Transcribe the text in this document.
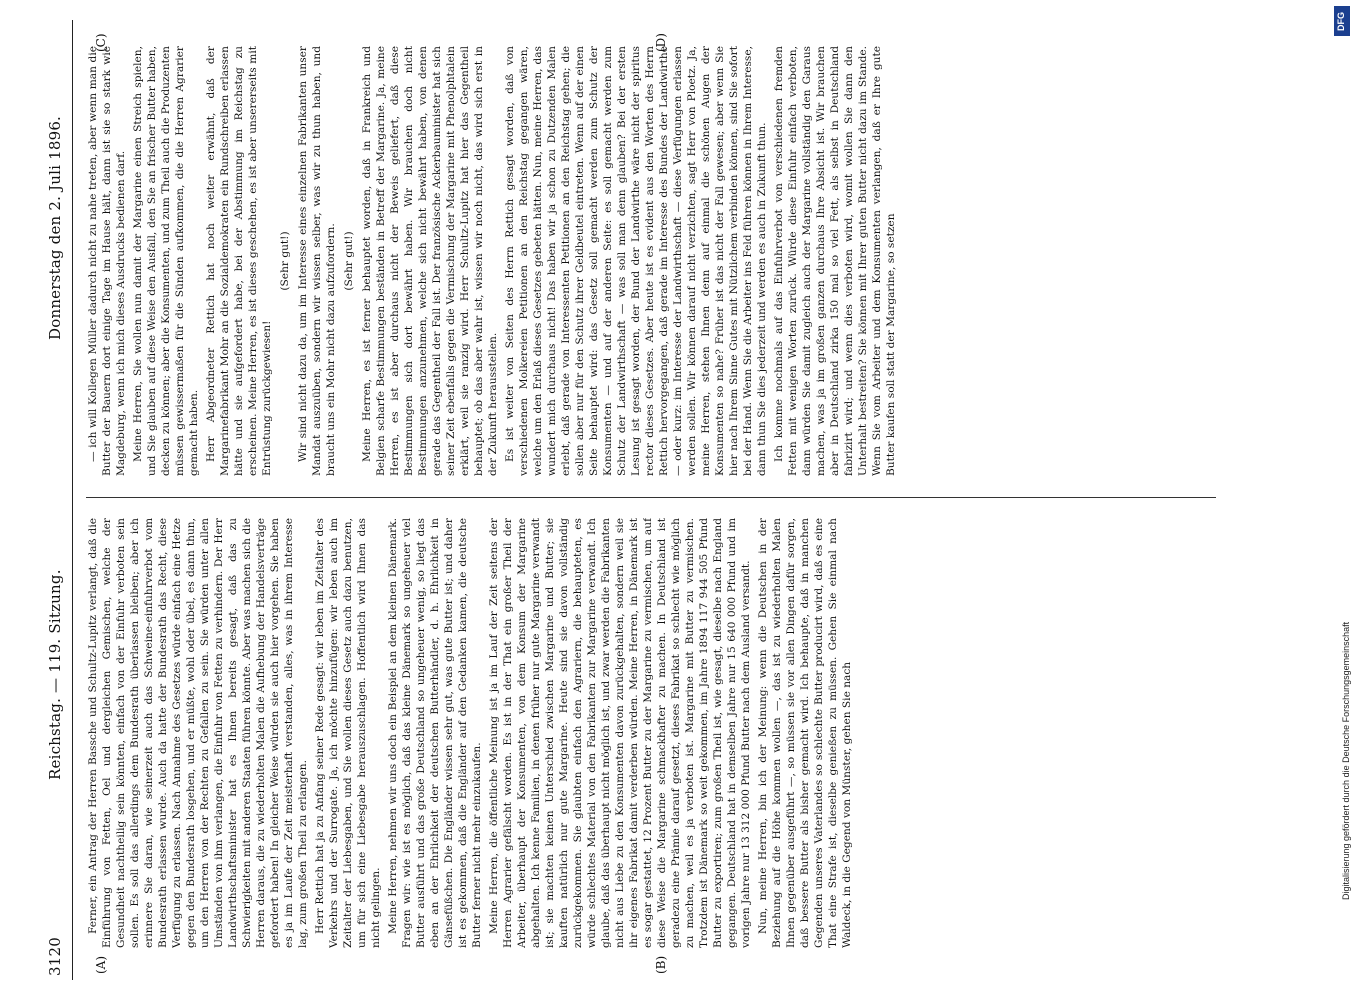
3120
Reichstag. — 119. Sitzung.
Donnerstag den 2. Juli 1896.
(A)	(B)
(C)	(D)

Ferner, ein Antrag der Herren Bassche und Schultz-Lupitz verlangt, daß die Einführung von Fetten, Oel und dergleichen Gemischen, welche der Gesundheit nachtheilig sein könnten, einfach von der Einfuhr verboten sein sollen. Es soll das allerdings dem Bundesrath überlassen bleiben; aber ich erinnere Sie daran, wie seinerzeit auch das Schweine-einfuhrverbot vom Bundesrath erlassen wurde. Auch da hatte der Bundesrath das Recht, diese Verfügung zu erlassen. Nach Annahme des Gesetzes würde einfach eine Hetze gegen den Bundesrath losgehen, und er müßte, wohl oder übel, es dann thun, um den Herren von der Rechten zu Gefallen zu sein. Sie würden unter allen Umständen von ihm verlangen, die Einfuhr von Fetten zu verhindern. Der Herr Landwirthschaftsminister hat es Ihnen bereits gesagt, daß das zu Schwierigkeiten mit anderen Staaten führen könnte. Aber was machen sich die Herren daraus, die zu wiederholten Malen die Aufhebung der Handelsverträge gefordert haben! In gleicher Weise würden sie auch hier vorgehen. Sie haben es ja im Laufe der Zeit meisterhaft verstanden, alles, was in ihrem Interesse lag, zum großen Theil zu erlangen. Herr Rettich hat ja zu Anfang seiner Rede gesagt: wir leben im Zeitalter des Verkehrs und der Surrogate. Ja, ich möchte hinzufügen: wir leben auch im Zeitalter der Liebesgaben, und Sie wollen dieses Gesetz auch dazu benutzen, um für sich eine Liebesgabe herauszuschlagen. Hoffentlich wird Ihnen das nicht gelingen. Meine Herren, nehmen wir uns doch ein Beispiel an dem kleinen Dänemark. Fragen wir: wie ist es möglich, daß das kleine Dänemark so ungeheuer viel Butter ausführt und das große Deutschland so ungeheuer wenig, so liegt das eben an der Ehrlichkeit der deutschen Butterhändler, d. h. Ehrlichkeit in Gänsefüßchen. Die Engländer wissen sehr gut, was gute Butter ist; und daher ist es gekommen, daß die Engländer auf den Gedanken kamen, die deutsche Butter ferner nicht mehr einzukaufen. Meine Herren, die öffentliche Meinung ist ja im Lauf der Zeit seitens der Herren Agrarier gefälscht worden. Es ist in der That ein großer Theil der Arbeiter, überhaupt der Konsumenten, von dem Konsum der Margarine abgehalten. Ich kenne Familien, in denen früher nur gute Margarine verwandt ist; sie machten keinen Unterschied zwischen Margarine und Butter; sie kauften natürlich nur gute Margarine. Heute sind sie davon vollständig zurückgekommen. Sie glaubten einfach den Agrariern, die behaupteten, es würde schlechtes Material von den Fabrikanten zur Margarine verwandt. Ich glaube, daß das überhaupt nicht möglich ist, und zwar werden die Fabrikanten nicht aus Liebe zu den Konsumenten davon zurückgehalten, sondern weil sie ihr eigenes Fabrikat damit verderben würden. Meine Herren, in Dänemark ist es sogar gestattet, 12 Prozent Butter zu der Margarine zu vermischen, um auf diese Weise die Margarine schmackhafter zu machen. In Deutschland ist geradezu eine Prämie darauf gesetzt, dieses Fabrikat so schlecht wie möglich zu machen, weil es ja verboten ist. Margarine mit Butter zu vermischen. Trotzdem ist Dänemark so weit gekommen, im Jahre 1894 117 944 505 Pfund Butter zu exportiren; zum großen Theil ist, wie gesagt, dieselbe nach England gegangen. Deutschland hat in demselben Jahre nur 15 640 000 Pfund und im vorigen Jahre nur 13 312 000 Pfund Butter nach dem Ausland versandt. Nun, meine Herren, bin ich der Meinung: wenn die Deutschen in der Beziehung auf die Höhe kommen wollen —, das ist zu wiederholten Malen Ihnen gegenüber ausgeführt —, so müssen sie vor allen Dingen dafür sorgen, daß bessere Butter als bisher gemacht wird. Ich behaupte, daß in manchen Gegenden unseres Vaterlandes so schlechte Butter producirt wird, daß es eine That eine Strafe ist, dieselbe genießen zu müssen. Gehen Sie einmal nach Waldeck, in die Gegend von Münster, gehen Sie nach

— ich will Kollegen Müller dadurch nicht zu nahe treten, aber wenn man die Butter der Bauern dort einige Tage im Hause hält, dann ist sie so stark wie Magdeburg, wenn ich mich dieses Ausdrucks bedienen darf. Meine Herren, Sie wollen nun damit der Margarine einen Streich spielen, und Sie glauben auf diese Weise den Ausfall, den Sie an frischer Butter haben, decken zu können; aber die Konsumenten, und zum Theil auch die Produzenten müssen gewissermaßen für die Sünden aufkommen, die die Herren Agrarier gemacht haben. Herr Abgeordneter Rettich hat noch weiter erwähnt, daß der Margarinefabrikant Mohr an die Sozialdemokraten ein Rundschreiben erlassen hätte und sie aufgefordert habe, bei der Abstimmung im Reichstag zu erscheinen. Meine Herren, es ist dieses geschehen, es ist aber unsererseits mit Entrüstung zurückgewiesen!

(Sehr gut!) Wir sind nicht dazu da, um im Interesse eines einzelnen Fabrikanten unser Mandat auszuüben, sondern wir wissen selber, was wir zu thun haben, und braucht uns ein Mohr nicht dazu aufzufordern. (Sehr gut!) Meine Herren, es ist ferner behauptet worden, daß in Frankreich und Belgien scharfe Bestimmungen beständen in Betreff der Margarine. Ja, meine Herren, es ist aber durchaus nicht der Beweis geliefert, daß diese Bestimmungen sich dort bewährt haben. Wir brauchen doch nicht Bestimmungen anzunehmen, welche sich nicht bewährt haben, von denen gerade das Gegentheil der Fall ist. Der französische Ackerbauminister hat sich seiner Zeit ebenfalls gegen die Vermischung der Margarine mit Phenolphtalein erklärt, weil sie ranzig wird. Herr Schultz-Lupitz hat hier das Gegentheil behauptet; ob das aber wahr ist, wissen wir noch nicht, das wird sich erst in der Zukunft herausstellen. Es ist weiter von Seiten des Herrn Rettich gesagt worden, daß von verschiedenen Molkereien Petitionen an den Reichstag gegangen wären, welche um den Erlaß dieses Gesetzes gebeten hätten. Nun, meine Herren, das wundert mich durchaus nicht! Das haben wir ja schon zu Dutzenden Malen erlebt, daß gerade von Interessenten Petitionen an den Reichstag gehen; die sollen aber nur für den Schutz ihrer Geldbeutel eintreten. Wenn auf der einen Seite behauptet wird: das Gesetz soll gemacht werden zum Schutz der Konsumenten — und auf der anderen Seite: es soll gemacht werden zum Schutz der Landwirthschaft — was soll man denn glauben? Bei der ersten Lesung ist gesagt worden, der Bund der Landwirthe wäre nicht der spiritus rector dieses Gesetzes. Aber heute ist es evident aus den Worten des Herrn Rettich hervorgegangen, daß gerade im Interesse des Bundes der Landwirthe — oder kurz: im Interesse der Landwirthschaft — diese Verfügungen erlassen werden sollen. Wir können darauf nicht verzichten, sagt Herr von Ploetz. Ja, meine Herren, stehen Ihnen denn auf einmal die schönen Augen der Konsumenten so nahe? Früher ist das nicht der Fall gewesen; aber wenn Sie hier nach Ihrem Sinne Gutes mit Nützlichem verbinden können, sind Sie sofort bei der Hand. Wenn Sie die Arbeiter ins Feld führen können in Ihrem Interesse, dann thun Sie dies jederzeit und werden es auch in Zukunft thun. Ich komme nochmals auf das Einfuhrverbot von verschiedenen fremden Fetten mit wenigen Worten zurück. Würde diese Einfuhr einfach verboten, dann würden Sie damit zugleich auch der Margarine vollständig den Garaus machen, was ja im großen ganzen durchaus Ihre Absicht ist. Wir brauchen aber in Deutschland zirka 150 mal so viel Fett, als selbst in Deutschland fabrizirt wird; und wenn dies verboten wird, womit wollen Sie dann den Unterhalt bestreiten? Sie können mit Ihrer guten Butter nicht dazu im Stande. Wenn Sie vom Arbeiter und dem Konsumenten verlangen, daß er Ihre gute Butter kaufen soll statt der Margarine, so setzen

DFG
Digitalisierung gefördert durch die Deutsche Forschungsgemeinschaft
